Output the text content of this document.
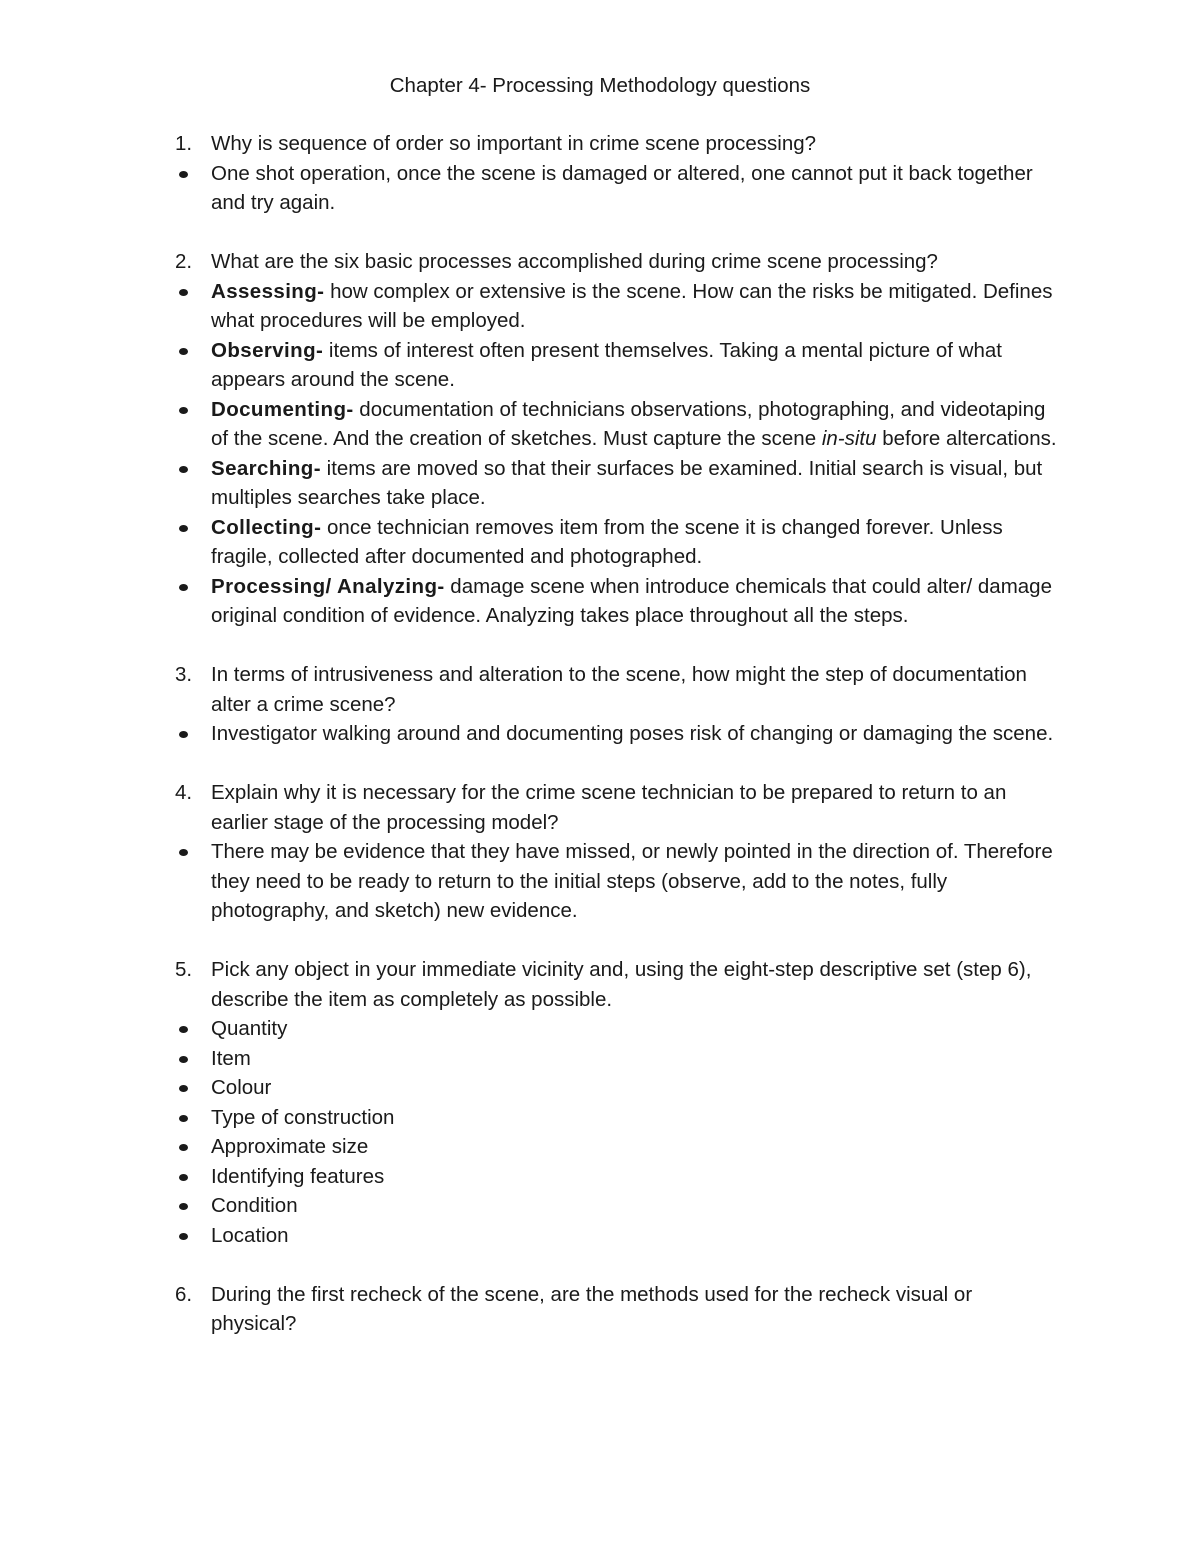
Chapter 4- Processing Methodology questions
1. Why is sequence of order so important in crime scene processing?
One shot operation, once the scene is damaged or altered, one cannot put it back together and try again.
2. What are the six basic processes accomplished during crime scene processing?
Assessing- how complex or extensive is the scene. How can the risks be mitigated. Defines what procedures will be employed.
Observing- items of interest often present themselves. Taking a mental picture of what appears around the scene.
Documenting- documentation of technicians observations, photographing, and videotaping of the scene. And the creation of sketches. Must capture the scene in-situ before altercations.
Searching- items are moved so that their surfaces be examined. Initial search is visual, but multiples searches take place.
Collecting- once technician removes item from the scene it is changed forever. Unless fragile, collected after documented and photographed.
Processing/ Analyzing- damage scene when introduce chemicals that could alter/ damage original condition of evidence. Analyzing takes place throughout all the steps.
3. In terms of intrusiveness and alteration to the scene, how might the step of documentation alter a crime scene?
Investigator walking around and documenting poses risk of changing or damaging the scene.
4. Explain why it is necessary for the crime scene technician to be prepared to return to an earlier stage of the processing model?
There may be evidence that they have missed, or newly pointed in the direction of. Therefore they need to be ready to return to the initial steps (observe, add to the notes, fully photography, and sketch) new evidence.
5. Pick any object in your immediate vicinity and, using the eight-step descriptive set (step 6), describe the item as completely as possible.
Quantity
Item
Colour
Type of construction
Approximate size
Identifying features
Condition
Location
6. During the first recheck of the scene, are the methods used for the recheck visual or physical?
